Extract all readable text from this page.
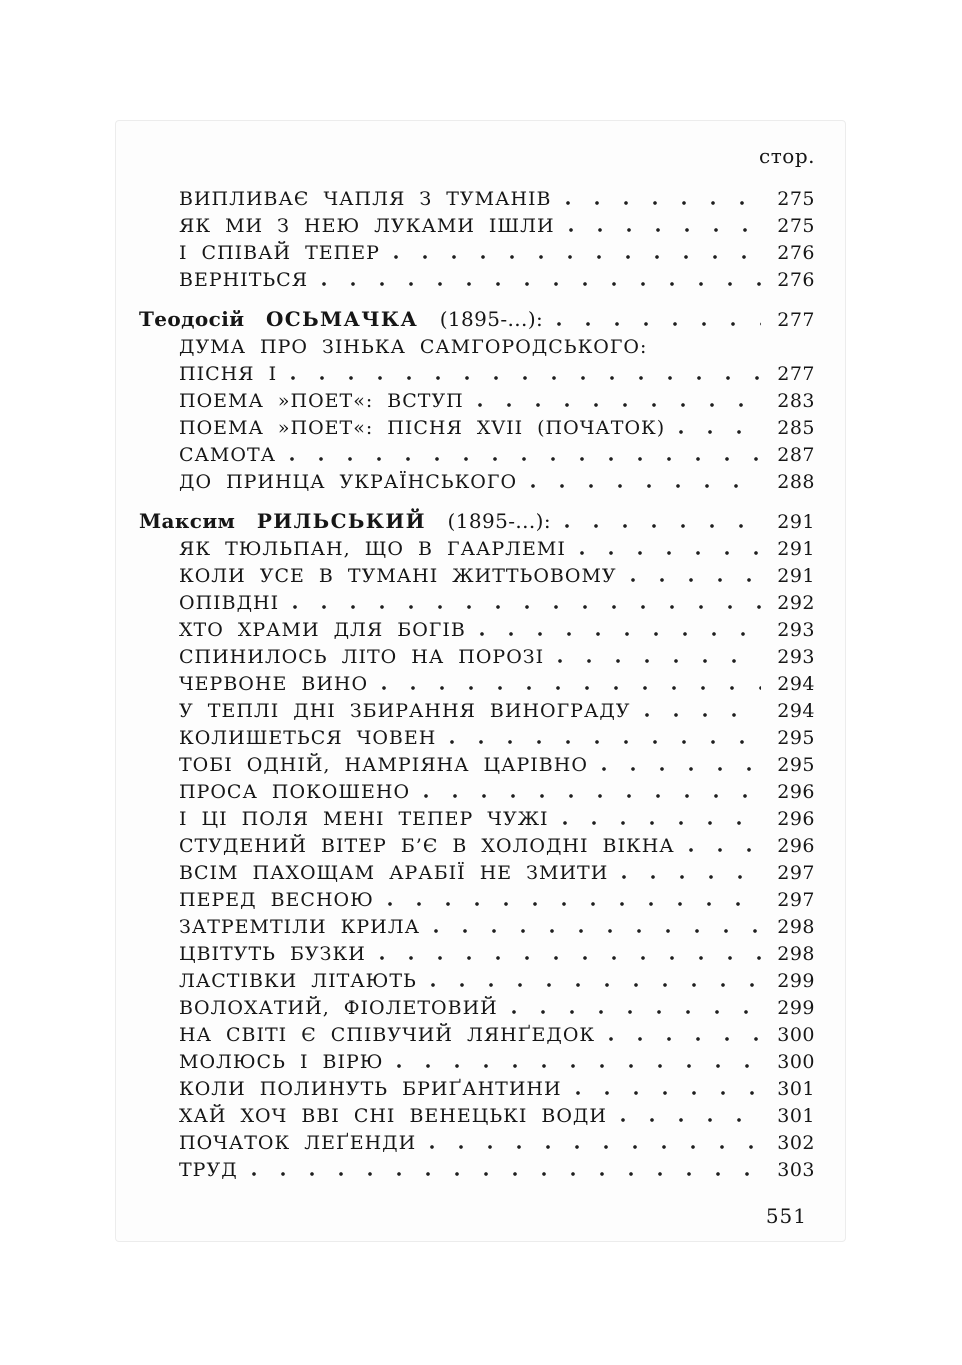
стор.
ВИПЛИВАЄ ЧАПЛЯ З ТУМАНІВ	275
ЯК МИ З НЕЮ ЛУКАМИ ІШЛИ	275
І СПІВАЙ ТЕПЕР	276
ВЕРНІТЬСЯ	276
Теодосій ОСЬМАЧКА (1895-...):	277
ДУМА ПРО ЗІНЬКА САМГОРОДСЬКОГО:
ПІСНЯ І	277
ПОЕМА »ПОЕТ«: ВСТУП	283
ПОЕМА »ПОЕТ«: ПІСНЯ XVII (ПОЧАТОК)	285
САМОТА	287
ДО ПРИНЦА УКРАЇНСЬКОГО	288
Максим РИЛЬСЬКИЙ (1895-...):	291
ЯК ТЮЛЬПАН, ЩО В ГААРЛЕМІ	291
КОЛИ УСЕ В ТУМАНІ ЖИТТЬОВОМУ	291
ОПІВДНІ	292
ХТО ХРАМИ ДЛЯ БОГІВ	293
СПИНИЛОСЬ ЛІТО НА ПОРОЗІ	293
ЧЕРВОНЕ ВИНО	294
У ТЕПЛІ ДНІ ЗБИРАННЯ ВИНОГРАДУ	294
КОЛИШЕТЬСЯ ЧОВЕН	295
ТОБІ ОДНІЙ, НАМРІЯНА ЦАРІВНО	295
ПРОСА ПОКОШЕНО	296
І ЦІ ПОЛЯ МЕНІ ТЕПЕР ЧУЖІ	296
СТУДЕНИЙ ВІТЕР Б’Є В ХОЛОДНІ ВІКНА	296
ВСІМ ПАХОЩАМ АРАБІЇ НЕ ЗМИТИ	297
ПЕРЕД ВЕСНОЮ	297
ЗАТРЕМТІЛИ КРИЛА	298
ЦВІТУТЬ БУЗКИ	298
ЛАСТІВКИ ЛІТАЮТЬ	299
ВОЛОХАТИЙ, ФІОЛЕТОВИЙ	299
НА СВІТІ Є СПІВУЧИЙ ЛЯНҐЕДОК	300
МОЛЮСЬ І ВІРЮ	300
КОЛИ ПОЛИНУТЬ БРИҐАНТИНИ	301
ХАЙ ХОЧ ВВІ СНІ ВЕНЕЦЬКІ ВОДИ	301
ПОЧАТОК ЛЕҐЕНДИ	302
ТРУД	303
551
